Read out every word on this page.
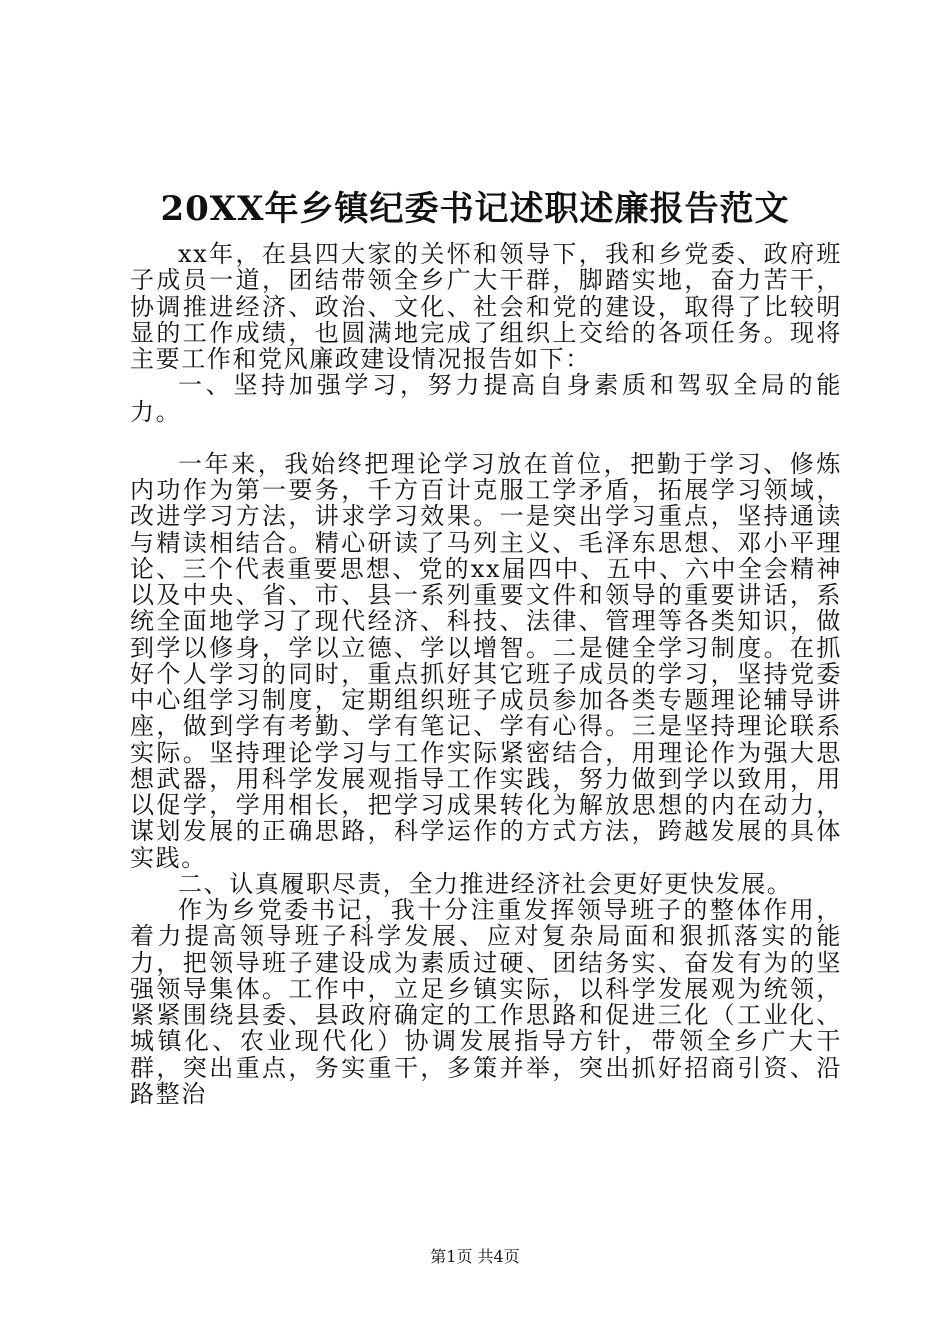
20XX年乡镇纪委书记述职述廉报告范文

xx年，在县四大家的关怀和领导下，我和乡党委、政府班子成员一道，团结带领全乡广大干群，脚踏实地，奋力苦干，协调推进经济、政治、文化、社会和党的建设，取得了比较明显的工作成绩，也圆满地完成了组织上交给的各项任务。现将主要工作和党风廉政建设情况报告如下：

一、坚持加强学习，努力提高自身素质和驾驭全局的能力。

一年来，我始终把理论学习放在首位，把勤于学习、修炼内功作为第一要务，千方百计克服工学矛盾，拓展学习领域，改进学习方法，讲求学习效果。一是突出学习重点，坚持通读与精读相结合。精心研读了马列主义、毛泽东思想、邓小平理论、三个代表重要思想、党的xx届四中、五中、六中全会精神以及中央、省、市、县一系列重要文件和领导的重要讲话，系统全面地学习了现代经济、科技、法律、管理等各类知识，做到学以修身，学以立德、学以增智。二是健全学习制度。在抓好个人学习的同时，重点抓好其它班子成员的学习，坚持党委中心组学习制度，定期组织班子成员参加各类专题理论辅导讲座，做到学有考勤、学有笔记、学有心得。三是坚持理论联系实际。坚持理论学习与工作实际紧密结合，用理论作为强大思想武器，用科学发展观指导工作实践，努力做到学以致用，用以促学，学用相长，把学习成果转化为解放思想的内在动力，谋划发展的正确思路，科学运作的方式方法，跨越发展的具体实践。

二、认真履职尽责，全力推进经济社会更好更快发展。

作为乡党委书记，我十分注重发挥领导班子的整体作用，着力提高领导班子科学发展、应对复杂局面和狠抓落实的能力，把领导班子建设成为素质过硬、团结务实、奋发有为的坚强领导集体。工作中，立足乡镇实际，以科学发展观为统领，紧紧围绕县委、县政府确定的工作思路和促进三化（工业化、城镇化、农业现代化）协调发展指导方针，带领全乡广大干群，突出重点，务实重干，多策并举，突出抓好招商引资、沿路整治

第1页 共4页
